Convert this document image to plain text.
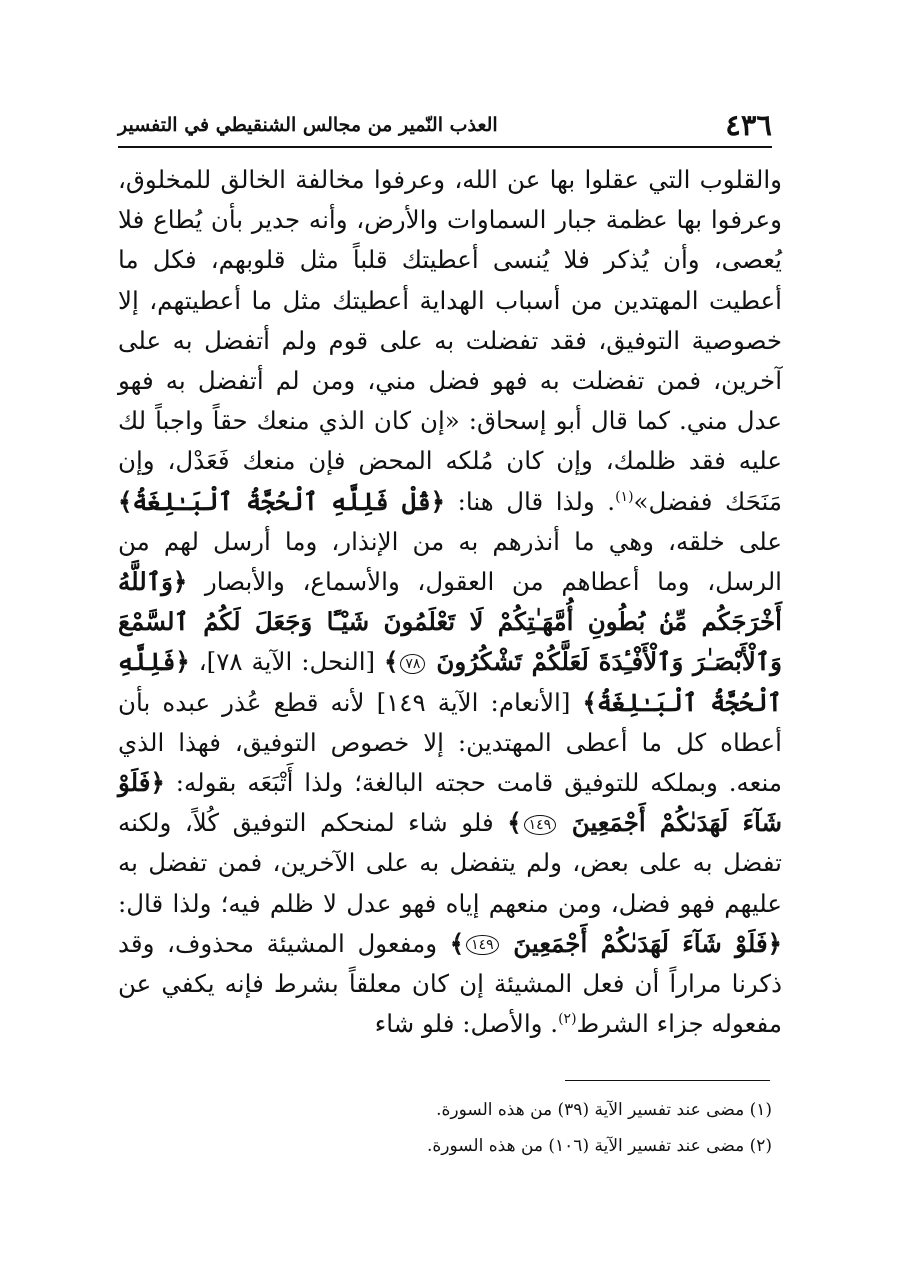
٤٣٦
العذب النّمير من مجالس الشنقيطي في التفسير

والقلوب التي عقلوا بها عن الله، وعرفوا مخالفة الخالق للمخلوق، وعرفوا بها عظمة جبار السماوات والأرض، وأنه جدير بأن يُطاع فلا يُعصى، وأن يُذكر فلا يُنسى أعطيتك قلباً مثل قلوبهم، فكل ما أعطيت المهتدين من أسباب الهداية أعطيتك مثل ما أعطيتهم، إلا خصوصية التوفيق، فقد تفضلت به على قوم ولم أتفضل به على آخرين، فمن تفضلت به فهو فضل مني، ومن لم أتفضل به فهو عدل مني. كما قال أبو إسحاق: «إن كان الذي منعك حقاً واجباً لك عليه فقد ظلمك، وإن كان مُلكه المحض فإن منعك فَعَدْل، وإن مَنَحَك ففضل»$^{(١)}$. ولذا قال هنا: ﴿قُلْ فَلِلَّهِ ٱلْحُجَّةُ ٱلْبَـٰلِغَةُ﴾ على خلقه، وهي ما أنذرهم به من الإنذار، وما أرسل لهم من الرسل، وما أعطاهم من العقول، والأسماع، والأبصار ﴿وَٱللَّهُ أَخْرَجَكُم مِّنۢ بُطُونِ أُمَّهَـٰتِكُمْ لَا تَعْلَمُونَ شَيْـًٔا وَجَعَلَ لَكُمُ ٱلسَّمْعَ وَٱلْأَبْصَـٰرَ وَٱلْأَفْـِٔدَةَ لَعَلَّكُمْ تَشْكُرُونَ ٧٨﴾ [النحل: الآية ٧٨]، ﴿فَلِلَّهِ ٱلْحُجَّةُ ٱلْبَـٰلِغَةُ﴾ [الأنعام: الآية ١٤٩] لأنه قطع عُذر عبده بأن أعطاه كل ما أعطى المهتدين: إلا خصوص التوفيق، فهذا الذي منعه. وبملكه للتوفيق قامت حجته البالغة؛ ولذا أَتْبَعَه بقوله: ﴿فَلَوْ شَآءَ لَهَدَىٰكُمْ أَجْمَعِينَ ١٤٩﴾ فلو شاء لمنحكم التوفيق كُلاً، ولكنه تفضل به على بعض، ولم يتفضل به على الآخرين، فمن تفضل به عليهم فهو فضل، ومن منعهم إياه فهو عدل لا ظلم فيه؛ ولذا قال: ﴿فَلَوْ شَآءَ لَهَدَىٰكُمْ أَجْمَعِينَ ١٤٩﴾ ومفعول المشيئة محذوف، وقد ذكرنا مراراً أن فعل المشيئة إن كان معلقاً بشرط فإنه يكفي عن مفعوله جزاء الشرط$^{(٢)}$. والأصل: فلو شاء

(١) مضى عند تفسير الآية (٣٩) من هذه السورة.

(٢) مضى عند تفسير الآية (١٠٦) من هذه السورة.
